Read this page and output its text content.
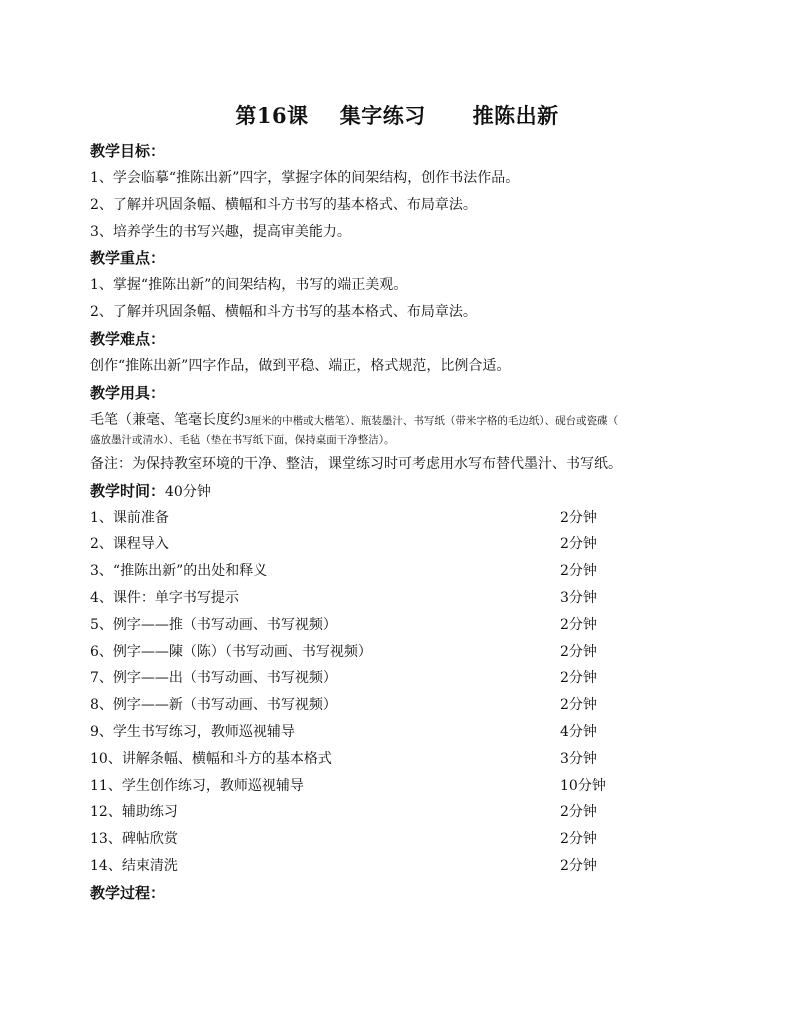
第16课    集字练习      推陈出新
教学目标：
1、学会临摹“推陈出新”四字，掌握字体的间架结构，创作书法作品。
2、了解并巩固条幅、横幅和斗方书写的基本格式、布局章法。
3、培养学生的书写兴趣，提高审美能力。
教学重点：
1、掌握“推陈出新”的间架结构，书写的端正美观。
2、了解并巩固条幅、横幅和斗方书写的基本格式、布局章法。
教学难点：
创作“推陈出新”四字作品，做到平稳、端正，格式规范，比例合适。
教学用具：
毛笔（兼毫、笔毫长度约3厘米的中楷或大楷笔）、瓶装墨汁、书写纸（带米字格的毛边纸）、砚台或瓷碟（
盛放墨汁或清水）、毛毡（垫在书写纸下面，保持桌面干净整洁）。
备注：为保持教室环境的干净、整洁，课堂练习时可考虑用水写布替代墨汁、书写纸。
教学时间：40分钟
1、课前准备	2分钟
2、课程导入	2分钟
3、“推陈出新”的出处和释义	2分钟
4、课件：单字书写提示	3分钟
5、例字——推（书写动画、书写视频）	2分钟
6、例字——陳（陈）（书写动画、书写视频）	2分钟
7、例字——出（书写动画、书写视频）	2分钟
8、例字——新（书写动画、书写视频）	2分钟
9、学生书写练习，教师巡视辅导	4分钟
10、讲解条幅、横幅和斗方的基本格式	3分钟
11、学生创作练习，教师巡视辅导	10分钟
12、辅助练习	2分钟
13、碑帖欣赏	2分钟
14、结束清洗	2分钟
教学过程：
